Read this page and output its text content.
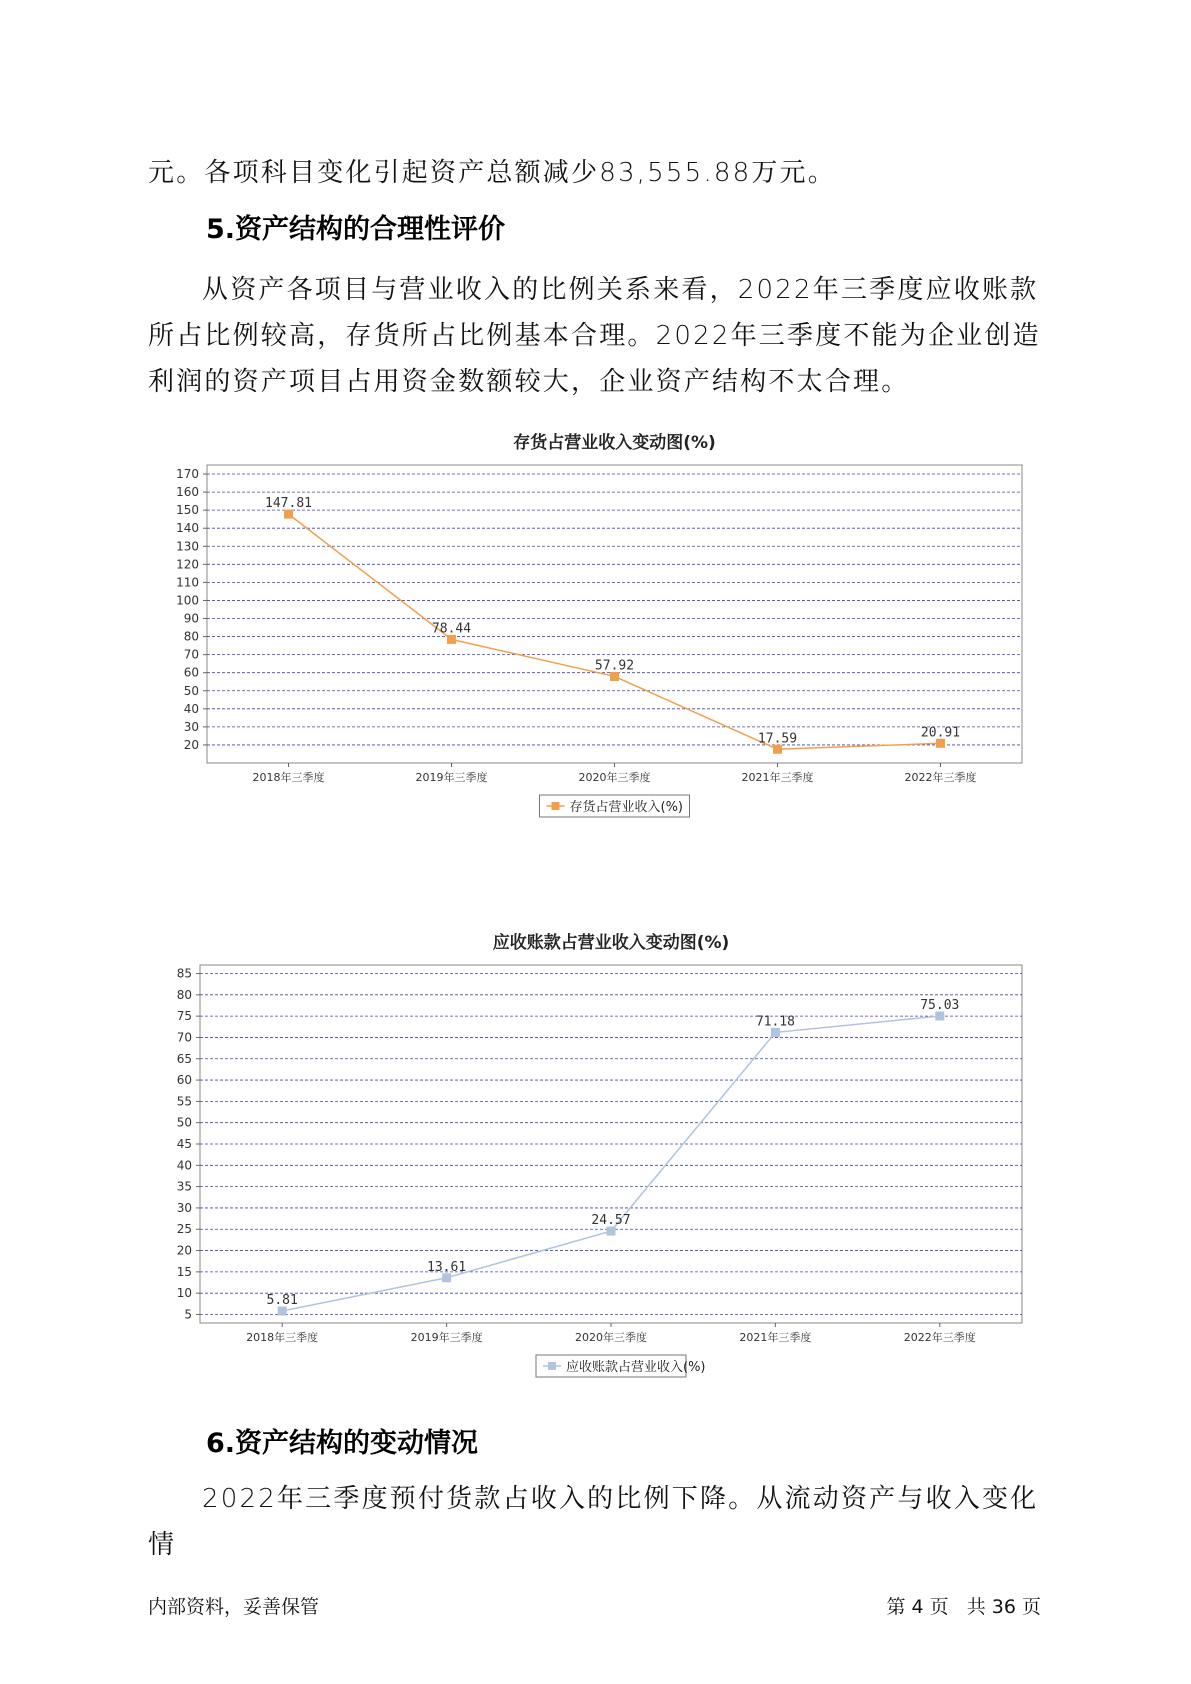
元。各项科目变化引起资产总额减少83,555.88万元。
5.资产结构的合理性评价
从资产各项目与营业收入的比例关系来看，2022年三季度应收账款所占比例较高，存货所占比例基本合理。2022年三季度不能为企业创造利润的资产项目占用资金数额较大，企业资产结构不太合理。
存货占营业收入变动图(%)
20
30
40
50
60
70
80
90
100
110
120
130
140
150
160
170
2018年三季度	2019年三季度	2020年三季度	2021年三季度	2022年三季度
147.81
78.44
57.92
17.59	20.91
存货占营业收入(%)
应收账款占营业收入变动图(%)
5
10
15
20
25
30
35
40
45
50
55
60
65
70
75
80
85
2018年三季度	2019年三季度	2020年三季度	2021年三季度	2022年三季度
5.81
13.61
24.57
71.18
75.03
应收账款占营业收入(%)
6.资产结构的变动情况
2022年三季度预付货款占收入的比例下降。从流动资产与收入变化情
内部资料，妥善保管	第 4 页   共 36 页
